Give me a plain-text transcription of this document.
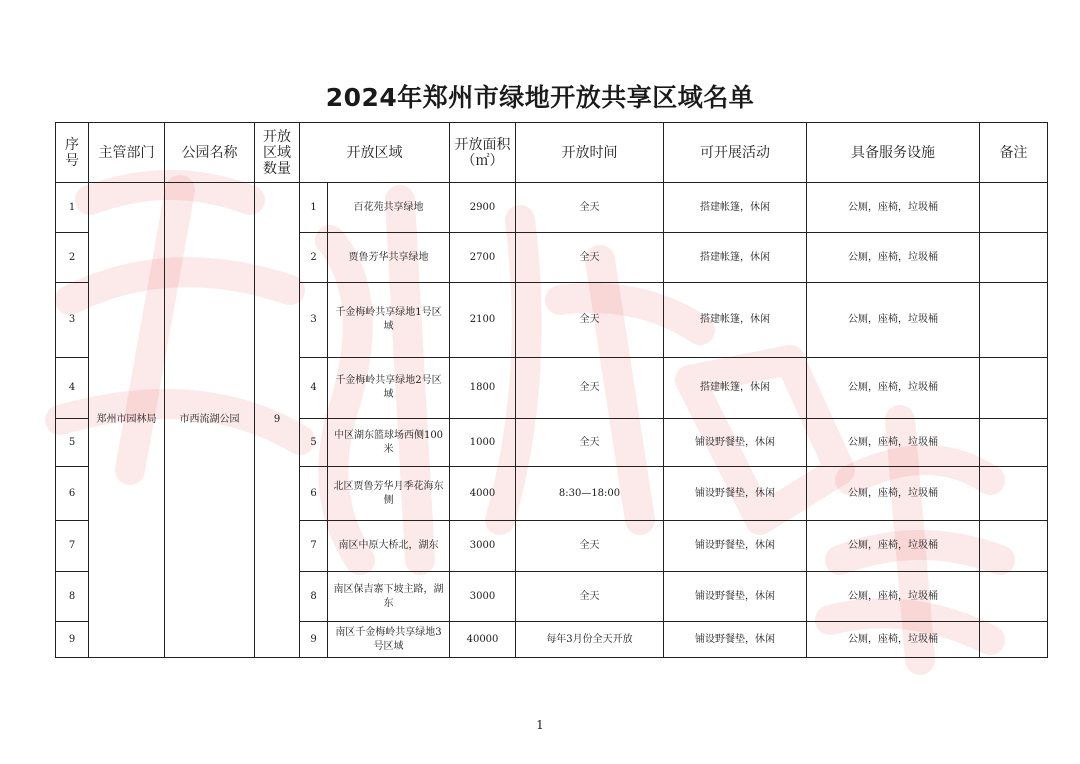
2024年郑州市绿地开放共享区域名单
序号	主管部门	公园名称	开放区域数量	开放区域		开放面积（㎡）	开放时间	可开展活动	具备服务设施	备注
1	郑州市园林局	市西流湖公园	9	1	百花苑共享绿地	2900	全天	搭建帐篷，休闲	公厕，座椅，垃圾桶	
2				2	贾鲁芳华共享绿地	2700	全天	搭建帐篷，休闲	公厕，座椅，垃圾桶	
3				3	千金梅岭共享绿地1号区域	2100	全天	搭建帐篷，休闲	公厕，座椅，垃圾桶	
4				4	千金梅岭共享绿地2号区域	1800	全天	搭建帐篷，休闲	公厕，座椅，垃圾桶	
5				5	中区湖东篮球场西侧100米	1000	全天	铺设野餐垫，休闲	公厕，座椅，垃圾桶	
6				6	北区贾鲁芳华月季花海东侧	4000	8:30—18:00	铺设野餐垫，休闲	公厕，座椅，垃圾桶	
7				7	南区中原大桥北，湖东	3000	全天	铺设野餐垫，休闲	公厕，座椅，垃圾桶	
8				8	南区保吉寨下坡主路，湖东	3000	全天	铺设野餐垫，休闲	公厕，座椅，垃圾桶	
9				9	南区千金梅岭共享绿地3号区域	40000	每年3月份全天开放	铺设野餐垫，休闲	公厕，座椅，垃圾桶	
1
